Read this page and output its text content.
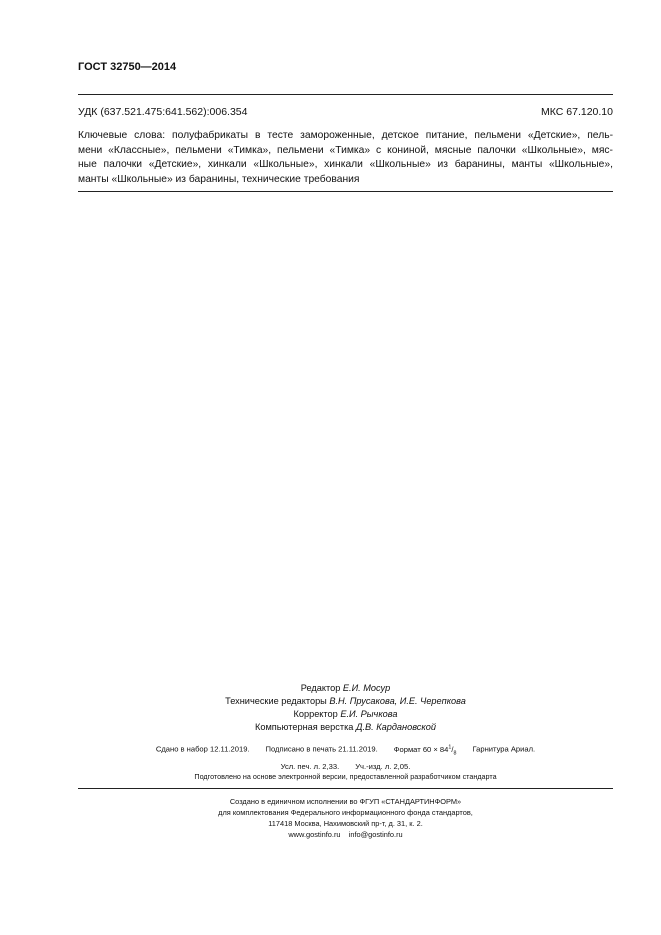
ГОСТ 32750—2014
УДК (637.521.475:641.562):006.354	МКС 67.120.10
Ключевые слова: полуфабрикаты в тесте замороженные, детское питание, пельмени «Детские», пель-
мени «Классные», пельмени «Тимка», пельмени «Тимка» с кониной, мясные палочки «Школьные», мяс-
ные палочки «Детские», хинкали «Школьные», хинкали «Школьные» из баранины, манты «Школьные»,
манты «Школьные» из баранины, технические требования
Редактор Е.И. Мосур
Технические редакторы В.Н. Прусакова, И.Е. Черепкова
Корректор Е.И. Рычкова
Компьютерная верстка Д.В. Кардановской
Сдано в набор 12.11.2019. Подписано в печать 21.11.2019. Формат $60 \times 84^1/_8$ Гарнитура Ариал.
Усл. печ. л. 2,33. Уч.-изд. л. 2,05.
Подготовлено на основе электронной версии, предоставленной разработчиком стандарта
Создано в единичном исполнении во ФГУП «СТАНДАРТИНФОРМ»
для комплектования Федерального информационного фонда стандартов,
117418 Москва, Нахимовский пр-т, д. 31, к. 2.
www.gostinfo.ru    info@gostinfo.ru
